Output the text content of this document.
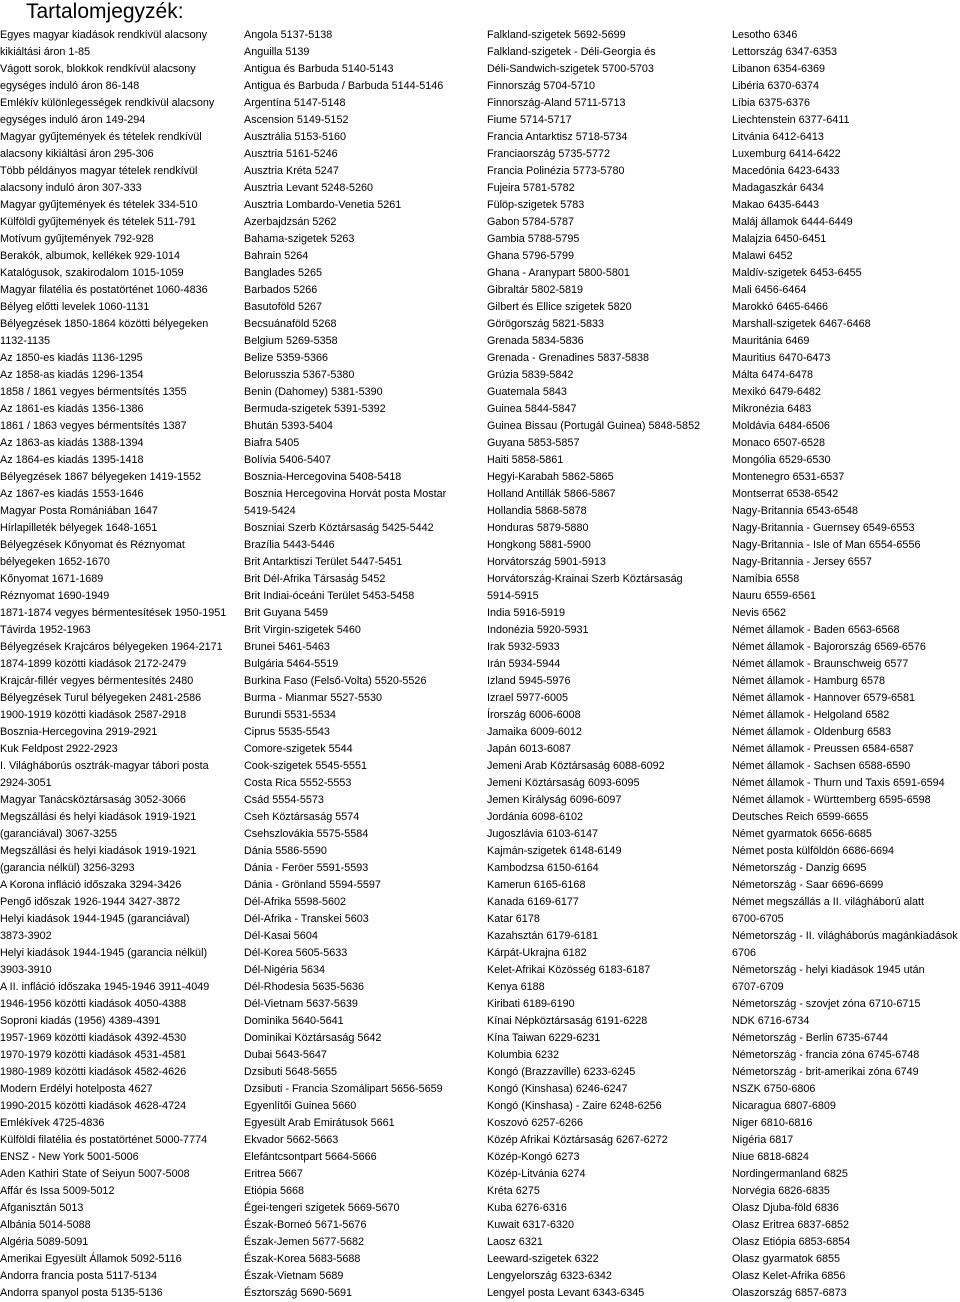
Tartalomjegyzék:
Egyes magyar kiadások rendkívül alacsony
kikiáltási áron 1-85
Vágott sorok, blokkok rendkívül alacsony
egységes induló áron 86-148
Emlékív különlegességek rendkívül alacsony
egységes induló áron 149-294
Magyar gyűjtemények és tételek rendkívül
alacsony kikiáltási áron 295-306
Több példányos magyar tételek rendkívül
alacsony induló áron 307-333
Magyar gyűjtemények és tételek 334-510
Külföldi gyűjtemények és tételek 511-791
Motívum gyűjtemények 792-928
Berakók, albumok, kellékek 929-1014
Katalógusok, szakirodalom 1015-1059
Magyar filatélia és postatörténet 1060-4836
Bélyeg előtti levelek 1060-1131
Bélyegzések 1850-1864 közötti bélyegeken
1132-1135
Az 1850-es kiadás 1136-1295
Az 1858-as kiadás 1296-1354
1858 / 1861 vegyes bérmentsítés 1355
Az 1861-es kiadás 1356-1386
1861 / 1863 vegyes bérmentsítés 1387
Az 1863-as kiadás 1388-1394
Az 1864-es kiadás 1395-1418
Bélyegzések 1867 bélyegeken 1419-1552
Az 1867-es kiadás 1553-1646
Magyar Posta Romániában 1647
Hírlapilleték bélyegek 1648-1651
Bélyegzések Kőnyomat és Réznyomat
bélyegeken 1652-1670
Kőnyomat 1671-1689
Réznyomat 1690-1949
1871-1874 vegyes bérmentesítések 1950-1951
Távirda 1952-1963
Bélyegzések Krajcáros bélyegeken 1964-2171
1874-1899 közötti kiadások 2172-2479
Krajcár-fillér vegyes bérmentesítés 2480
Bélyegzések Turul bélyegeken 2481-2586
1900-1919 közötti kiadások 2587-2918
Bosznia-Hercegovina 2919-2921
Kuk Feldpost 2922-2923
I. Világháborús osztrák-magyar tábori posta
2924-3051
Magyar Tanácsköztársaság 3052-3066
Megszállási és helyi kiadások 1919-1921
(garanciával) 3067-3255
Megszállási és helyi kiadások 1919-1921
(garancia nélkül) 3256-3293
A Korona infláció időszaka 3294-3426
Pengő időszak 1926-1944 3427-3872
Helyi kiadások 1944-1945 (garanciával)
3873-3902
Helyi kiadások 1944-1945 (garancia nélkül)
3903-3910
A II. infláció időszaka 1945-1946 3911-4049
1946-1956 közötti kiadások 4050-4388
Soproni kiadás (1956) 4389-4391
1957-1969 közötti kiadások 4392-4530
1970-1979 közötti kiadások 4531-4581
1980-1989 közötti kiadások 4582-4626
Modern Erdélyi hotelposta 4627
1990-2015 közötti kiadások 4628-4724
Emlékívek 4725-4836
Külföldi filatélia és postatörténet 5000-7774
ENSZ - New York 5001-5006
Aden Kathiri State of Seiyun 5007-5008
Affár és Issa 5009-5012
Afganisztán 5013
Albánia 5014-5088
Algéria 5089-5091
Amerikai Egyesült Államok 5092-5116
Andorra francia posta 5117-5134
Andorra spanyol posta 5135-5136
Angola 5137-5138
Anguilla 5139
Antigua és Barbuda 5140-5143
Antigua és Barbuda / Barbuda 5144-5146
Argentína 5147-5148
Ascension 5149-5152
Ausztrália 5153-5160
Ausztria 5161-5246
Ausztria Kréta 5247
Ausztria Levant 5248-5260
Ausztria Lombardo-Venetia 5261
Azerbajdzsán 5262
Bahama-szigetek 5263
Bahrain 5264
Banglades 5265
Barbados 5266
Basutoföld 5267
Becsuánaföld 5268
Belgium 5269-5358
Belize 5359-5366
Belorusszia 5367-5380
Benin (Dahomey) 5381-5390
Bermuda-szigetek 5391-5392
Bhután 5393-5404
Biafra 5405
Bolívia 5406-5407
Bosznia-Hercegovina 5408-5418
Bosznia Hercegovina Horvát posta Mostar
5419-5424
Boszniai Szerb Köztársaság 5425-5442
Brazília 5443-5446
Brit Antarktiszi Terület 5447-5451
Brit Dél-Afrika Társaság 5452
Brit Indiai-óceáni Terület 5453-5458
Brit Guyana 5459
Brit Virgin-szigetek 5460
Brunei 5461-5463
Bulgária 5464-5519
Burkina Faso (Felső-Volta) 5520-5526
Burma - Mianmar 5527-5530
Burundi 5531-5534
Ciprus 5535-5543
Comore-szigetek 5544
Cook-szigetek 5545-5551
Costa Rica 5552-5553
Csád 5554-5573
Cseh Köztársaság 5574
Csehszlovákia 5575-5584
Dánia 5586-5590
Dánia - Feröer 5591-5593
Dánia - Grönland 5594-5597
Dél-Afrika 5598-5602
Dél-Afrika - Transkei 5603
Dél-Kasai 5604
Dél-Korea 5605-5633
Dél-Nigéria 5634
Dél-Rhodesia 5635-5636
Dél-Vietnam 5637-5639
Dominika 5640-5641
Dominikai Köztársaság 5642
Dubai 5643-5647
Dzsibuti 5648-5655
Dzsibuti - Francia Szomálipart 5656-5659
Egyenlítői Guinea 5660
Egyesült Arab Emirátusok 5661
Ekvador 5662-5663
Elefántcsontpart 5664-5666
Eritrea 5667
Etiópia 5668
Égei-tengeri szigetek 5669-5670
Észak-Borneó 5671-5676
Észak-Jemen 5677-5682
Észak-Korea 5683-5688
Észak-Vietnam 5689
Észtország 5690-5691
Falkland-szigetek 5692-5699
Falkland-szigetek - Déli-Georgia és
Déli-Sandwich-szigetek 5700-5703
Finnország 5704-5710
Finnország-Aland 5711-5713
Fiume 5714-5717
Francia Antarktisz 5718-5734
Franciaország 5735-5772
Francia Polinézia 5773-5780
Fujeira 5781-5782
Fülöp-szigetek 5783
Gabon 5784-5787
Gambia 5788-5795
Ghana 5796-5799
Ghana - Aranypart 5800-5801
Gibraltár 5802-5819
Gilbert és Ellice szigetek 5820
Görögország 5821-5833
Grenada 5834-5836
Grenada - Grenadines 5837-5838
Grúzia 5839-5842
Guatemala 5843
Guinea 5844-5847
Guinea Bissau (Portugál Guinea) 5848-5852
Guyana 5853-5857
Haiti 5858-5861
Hegyi-Karabah 5862-5865
Holland Antillák 5866-5867
Hollandia 5868-5878
Honduras 5879-5880
Hongkong 5881-5900
Horvátország 5901-5913
Horvátország-Krainai Szerb Köztársaság
5914-5915
India 5916-5919
Indonézia 5920-5931
Irak 5932-5933
Irán 5934-5944
Izland 5945-5976
Izrael 5977-6005
Írország 6006-6008
Jamaika 6009-6012
Japán 6013-6087
Jemeni Arab Köztársaság 6088-6092
Jemeni Köztársaság 6093-6095
Jemen Királyság 6096-6097
Jordánia 6098-6102
Jugoszlávia 6103-6147
Kajmán-szigetek 6148-6149
Kambodzsa 6150-6164
Kamerun 6165-6168
Kanada 6169-6177
Katar 6178
Kazahsztán 6179-6181
Kárpát-Ukrajna 6182
Kelet-Afrikai Közösség 6183-6187
Kenya 6188
Kiribati 6189-6190
Kínai Népköztársaság 6191-6228
Kína Taiwan 6229-6231
Kolumbia 6232
Kongó (Brazzaville) 6233-6245
Kongó (Kinshasa) 6246-6247
Kongó (Kinshasa) - Zaire 6248-6256
Koszovó 6257-6266
Közép Afrikai Köztársaság 6267-6272
Közép-Kongó 6273
Közép-Litvánia 6274
Kréta 6275
Kuba 6276-6316
Kuwait 6317-6320
Laosz 6321
Leeward-szigetek 6322
Lengyelország 6323-6342
Lengyel posta Levant 6343-6345
Lesotho 6346
Lettország 6347-6353
Libanon 6354-6369
Libéria 6370-6374
Líbia 6375-6376
Liechtenstein 6377-6411
Litvánia 6412-6413
Luxemburg 6414-6422
Macedónia 6423-6433
Madagaszkár 6434
Makao 6435-6443
Maláj államok 6444-6449
Malajzia 6450-6451
Malawi 6452
Maldív-szigetek 6453-6455
Mali 6456-6464
Marokkó 6465-6466
Marshall-szigetek 6467-6468
Mauritánia 6469
Mauritius 6470-6473
Málta 6474-6478
Mexikó 6479-6482
Mikronézia 6483
Moldávia 6484-6506
Monaco 6507-6528
Mongólia 6529-6530
Montenegro 6531-6537
Montserrat 6538-6542
Nagy-Britannia 6543-6548
Nagy-Britannia - Guernsey 6549-6553
Nagy-Britannia - Isle of Man 6554-6556
Nagy-Britannia - Jersey 6557
Namíbia 6558
Nauru 6559-6561
Nevis 6562
Német államok - Baden 6563-6568
Német államok - Bajorország 6569-6576
Német államok - Braunschweig 6577
Német államok - Hamburg 6578
Német államok - Hannover 6579-6581
Német államok - Helgoland 6582
Német államok - Oldenburg 6583
Német államok - Preussen 6584-6587
Német államok - Sachsen 6588-6590
Német államok - Thurn und Taxis 6591-6594
Német államok - Württemberg 6595-6598
Deutsches Reich 6599-6655
Német gyarmatok 6656-6685
Német posta külföldön 6686-6694
Németország - Danzig 6695
Németország - Saar 6696-6699
Német megszállás a II. világháború alatt
6700-6705
Németország - II. világháborús magánkiadások
6706
Németország - helyi kiadások 1945 után
6707-6709
Németország - szovjet zóna 6710-6715
NDK 6716-6734
Németország - Berlin 6735-6744
Németország - francia zóna 6745-6748
Németország - brit-amerikai zóna 6749
NSZK 6750-6806
Nicaragua 6807-6809
Niger 6810-6816
Nigéria 6817
Niue 6818-6824
Nordingermanland 6825
Norvégia 6826-6835
Olasz Djuba-föld 6836
Olasz Eritrea 6837-6852
Olasz Etiópia 6853-6854
Olasz gyarmatok 6855
Olasz Kelet-Afrika 6856
Olaszország 6857-6873
